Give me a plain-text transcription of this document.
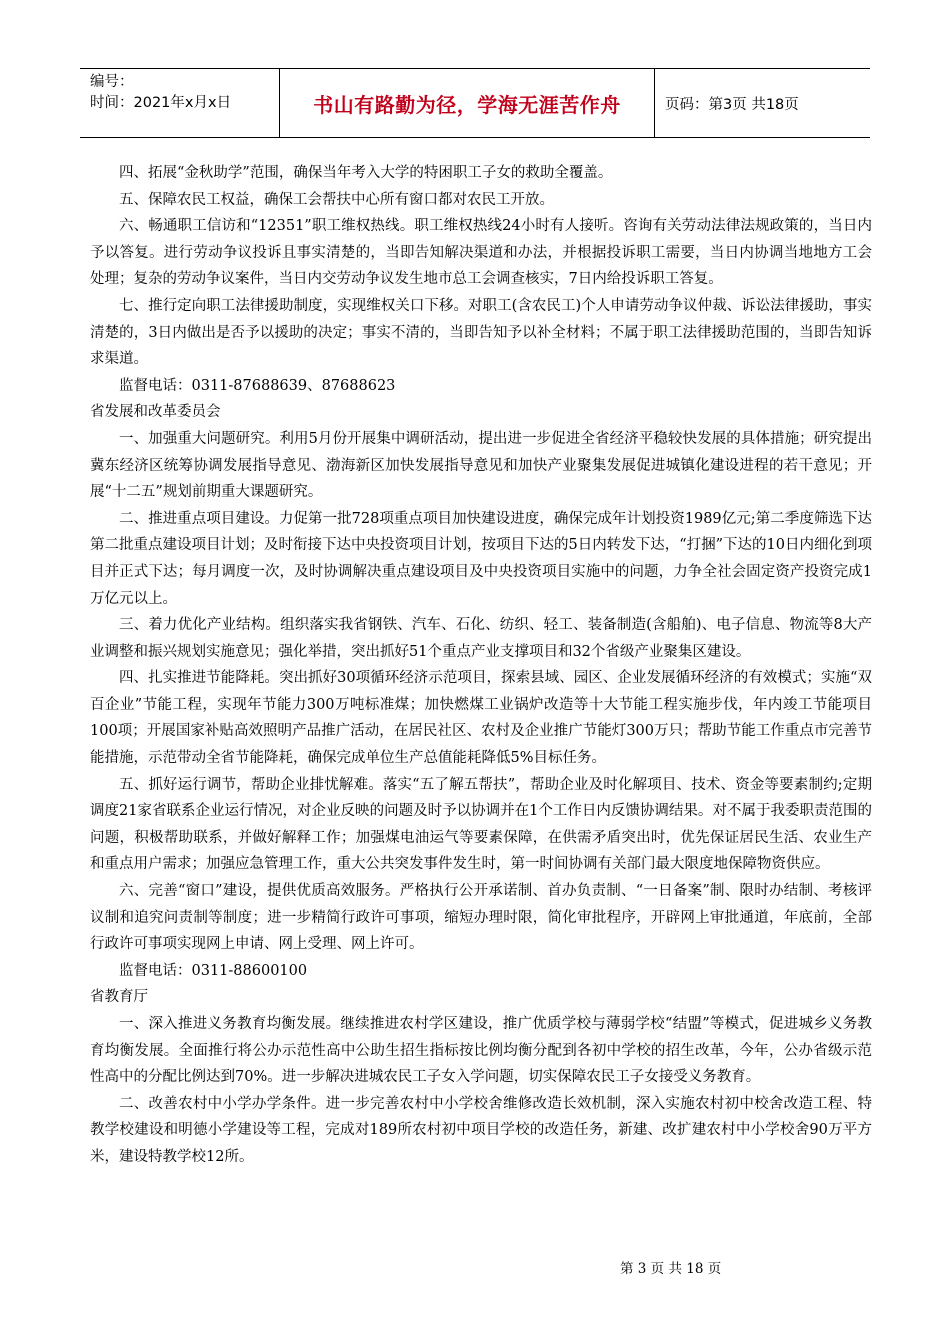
编号：
时间：2021年x月x日	书山有路勤为径，学海无涯苦作舟	页码：第3页 共18页

四、拓展“金秋助学”范围，确保当年考入大学的特困职工子女的救助全覆盖。

五、保障农民工权益，确保工会帮扶中心所有窗口都对农民工开放。

六、畅通职工信访和“12351”职工维权热线。职工维权热线24小时有人接听。咨询有关劳动法律法规政策的，当日内予以答复。进行劳动争议投诉且事实清楚的，当即告知解决渠道和办法，并根据投诉职工需要，当日内协调当地地方工会处理；复杂的劳动争议案件，当日内交劳动争议发生地市总工会调查核实，7日内给投诉职工答复。

七、推行定向职工法律援助制度，实现维权关口下移。对职工(含农民工)个人申请劳动争议仲裁、诉讼法律援助，事实清楚的，3日内做出是否予以援助的决定；事实不清的，当即告知予以补全材料；不属于职工法律援助范围的，当即告知诉求渠道。

监督电话：0311-87688639、87688623

省发展和改革委员会

一、加强重大问题研究。利用5月份开展集中调研活动，提出进一步促进全省经济平稳较快发展的具体措施；研究提出冀东经济区统筹协调发展指导意见、渤海新区加快发展指导意见和加快产业聚集发展促进城镇化建设进程的若干意见；开展“十二五”规划前期重大课题研究。

二、推进重点项目建设。力促第一批728项重点项目加快建设进度，确保完成年计划投资1989亿元;第二季度筛选下达第二批重点建设项目计划；及时衔接下达中央投资项目计划，按项目下达的5日内转发下达，“打捆”下达的10日内细化到项目并正式下达；每月调度一次，及时协调解决重点建设项目及中央投资项目实施中的问题，力争全社会固定资产投资完成1万亿元以上。

三、着力优化产业结构。组织落实我省钢铁、汽车、石化、纺织、轻工、装备制造(含船舶)、电子信息、物流等8大产业调整和振兴规划实施意见；强化举措，突出抓好51个重点产业支撑项目和32个省级产业聚集区建设。

四、扎实推进节能降耗。突出抓好30项循环经济示范项目，探索县域、园区、企业发展循环经济的有效模式；实施“双百企业”节能工程，实现年节能力300万吨标准煤；加快燃煤工业锅炉改造等十大节能工程实施步伐，年内竣工节能项目100项；开展国家补贴高效照明产品推广活动，在居民社区、农村及企业推广节能灯300万只；帮助节能工作重点市完善节能措施，示范带动全省节能降耗，确保完成单位生产总值能耗降低5%目标任务。

五、抓好运行调节，帮助企业排忧解难。落实“五了解五帮扶”，帮助企业及时化解项目、技术、资金等要素制约;定期调度21家省联系企业运行情况，对企业反映的问题及时予以协调并在1个工作日内反馈协调结果。对不属于我委职责范围的问题，积极帮助联系，并做好解释工作；加强煤电油运气等要素保障，在供需矛盾突出时，优先保证居民生活、农业生产和重点用户需求；加强应急管理工作，重大公共突发事件发生时，第一时间协调有关部门最大限度地保障物资供应。

六、完善“窗口”建设，提供优质高效服务。严格执行公开承诺制、首办负责制、“一日备案”制、限时办结制、考核评议制和追究问责制等制度；进一步精简行政许可事项，缩短办理时限，简化审批程序，开辟网上审批通道，年底前，全部行政许可事项实现网上申请、网上受理、网上许可。

监督电话：0311-88600100

省教育厅

一、深入推进义务教育均衡发展。继续推进农村学区建设，推广优质学校与薄弱学校“结盟”等模式，促进城乡义务教育均衡发展。全面推行将公办示范性高中公助生招生指标按比例均衡分配到各初中学校的招生改革，今年，公办省级示范性高中的分配比例达到70%。进一步解决进城农民工子女入学问题，切实保障农民工子女接受义务教育。

二、改善农村中小学办学条件。进一步完善农村中小学校舍维修改造长效机制，深入实施农村初中校舍改造工程、特教学校建设和明德小学建设等工程，完成对189所农村初中项目学校的改造任务，新建、改扩建农村中小学校舍90万平方米，建设特教学校12所。

第 3 页 共 18 页
